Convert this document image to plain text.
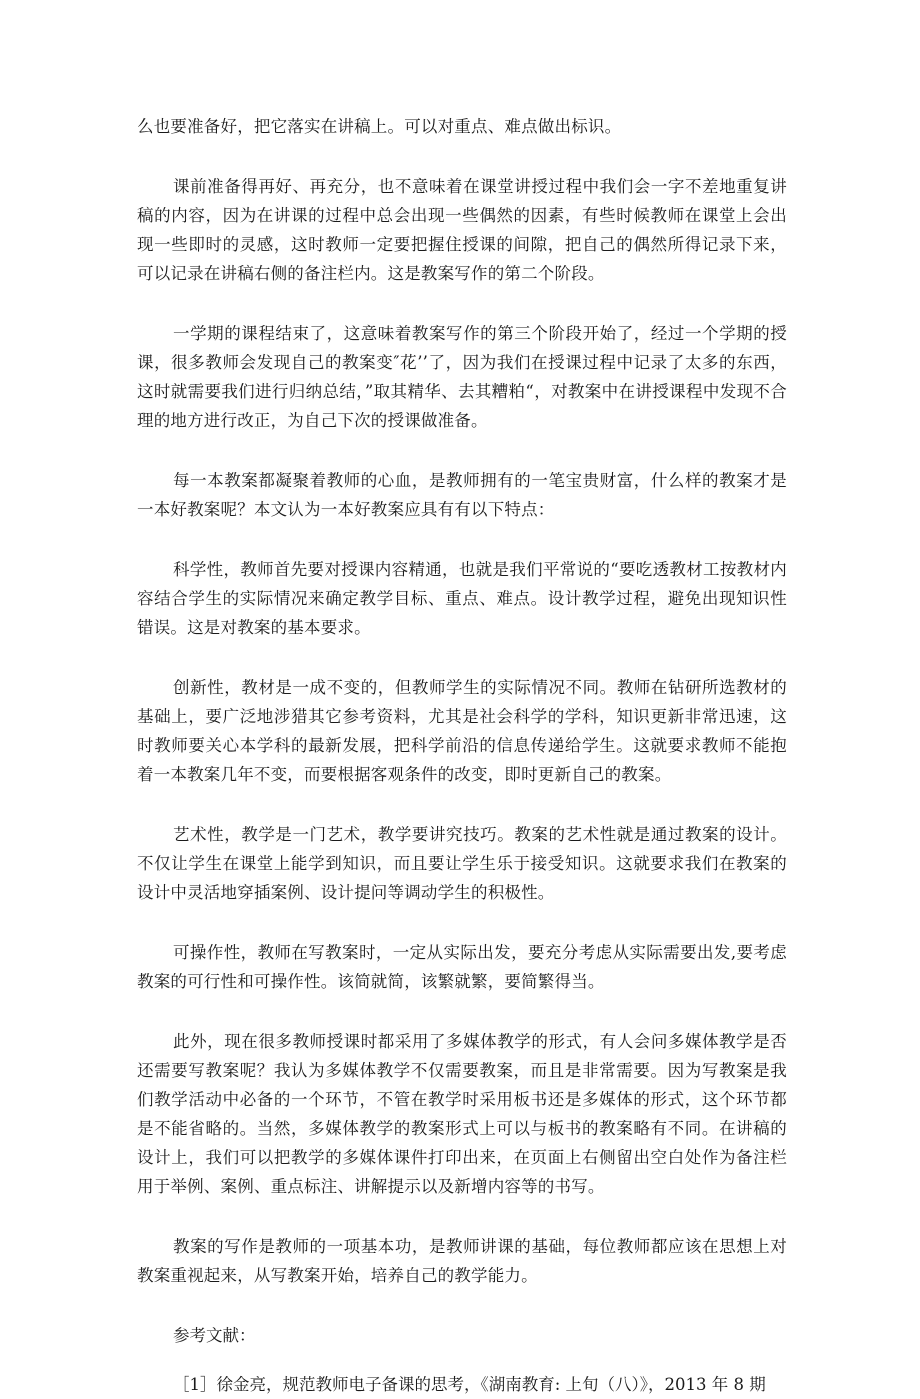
么也要准备好，把它落实在讲稿上。可以对重点、难点做出标识。

课前准备得再好、再充分，也不意味着在课堂讲授过程中我们会一字不差地重复讲稿的内容，因为在讲课的过程中总会出现一些偶然的因素，有些时候教师在课堂上会出现一些即时的灵感，这时教师一定要把握住授课的间隙，把自己的偶然所得记录下来，可以记录在讲稿右侧的备注栏内。这是教案写作的第二个阶段。

一学期的课程结束了，这意味着教案写作的第三个阶段开始了，经过一个学期的授课，很多教师会发现自己的教案变″花’’了，因为我们在授课过程中记录了太多的东西，这时就需要我们进行归纳总结，”取其精华、去其糟粕“，对教案中在讲授课程中发现不合理的地方进行改正，为自己下次的授课做准备。

每一本教案都凝聚着教师的心血，是教师拥有的一笔宝贵财富，什么样的教案才是一本好教案呢？本文认为一本好教案应具有有以下特点：

科学性，教师首先要对授课内容精通，也就是我们平常说的“要吃透教材工按教材内容结合学生的实际情况来确定教学目标、重点、难点。设计教学过程，避免出现知识性错误。这是对教案的基本要求。

创新性，教材是一成不变的，但教师学生的实际情况不同。教师在钻研所选教材的基础上，要广泛地涉猎其它参考资料，尤其是社会科学的学科，知识更新非常迅速，这时教师要关心本学科的最新发展，把科学前沿的信息传递给学生。这就要求教师不能抱着一本教案几年不变，而要根据客观条件的改变，即时更新自己的教案。

艺术性，教学是一门艺术，教学要讲究技巧。教案的艺术性就是通过教案的设计。不仅让学生在课堂上能学到知识，而且要让学生乐于接受知识。这就要求我们在教案的设计中灵活地穿插案例、设计提问等调动学生的积极性。

可操作性，教师在写教案时，一定从实际出发，要充分考虑从实际需要出发,要考虑教案的可行性和可操作性。该简就简，该繁就繁，要简繁得当。

此外，现在很多教师授课时都采用了多媒体教学的形式，有人会问多媒体教学是否还需要写教案呢？我认为多媒体教学不仅需要教案，而且是非常需要。因为写教案是我们教学活动中必备的一个环节，不管在教学时采用板书还是多媒体的形式，这个环节都是不能省略的。当然，多媒体教学的教案形式上可以与板书的教案略有不同。在讲稿的设计上，我们可以把教学的多媒体课件打印出来，在页面上右侧留出空白处作为备注栏用于举例、案例、重点标注、讲解提示以及新增内容等的书写。

教案的写作是教师的一项基本功，是教师讲课的基础，每位教师都应该在思想上对教案重视起来，从写教案开始，培养自己的教学能力。

参考文献：

［1］徐金亮，规范教师电子备课的思考，《湖南教育: 上旬（八）》，2013 年 8 期
